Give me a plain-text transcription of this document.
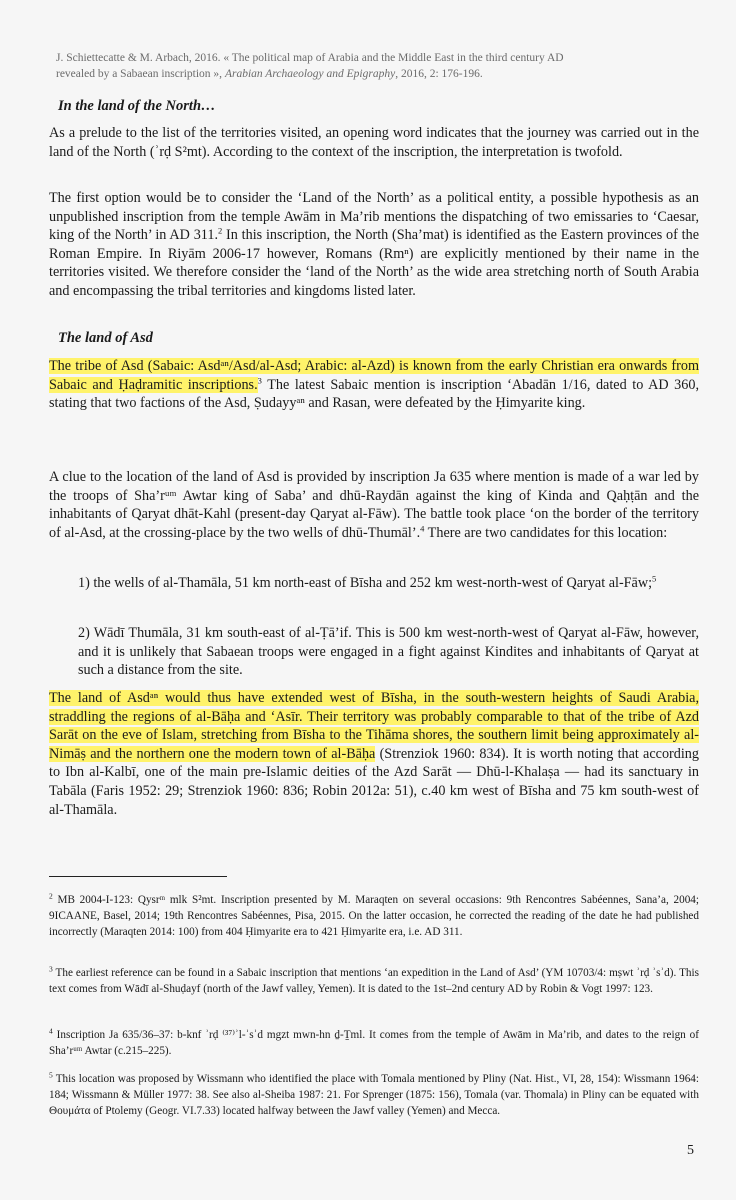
J. Schiettecatte & M. Arbach, 2016. « The political map of Arabia and the Middle East in the third century AD
revealed by a Sabaean inscription », Arabian Archaeology and Epigraphy, 2016, 2: 176-196.
In the land of the North…

As a prelude to the list of the territories visited, an opening word indicates that the journey was carried out in the land of the North (ʾrḍ S²mt). According to the context of the inscription, the interpretation is twofold.

The first option would be to consider the ‘Land of the North’ as a political entity, a possible hypothesis as an unpublished inscription from the temple Awām in Ma’rib mentions the dispatching of two emissaries to ‘Caesar, king of the North’ in AD 311.$^2$ In this inscription, the North (Sha’mat) is identified as the Eastern provinces of the Roman Empire. In Riyām 2006-17 however, Romans (Rmⁿ) are explicitly mentioned by their name in the territories visited. We therefore consider the ‘land of the North’ as the wide area stretching north of South Arabia and encompassing the tribal territories and kingdoms listed later.

The land of Asd

The tribe of Asd (Sabaic: Asdᵃⁿ/Asd/al-Asd; Arabic: al-Azd) is known from the early Christian era onwards from Sabaic and Ḥaḍramitic inscriptions.$^3$ The latest Sabaic mention is inscription ‘Abadān 1/16, dated to AD 360, stating that two factions of the Asd, Ṣudayyᵃⁿ and Rasan, were defeated by the Ḥimyarite king.

A clue to the location of the land of Asd is provided by inscription Ja 635 where mention is made of a war led by the troops of Sha’rᵘᵐ Awtar king of Saba’ and dhū-Raydān against the king of Kinda and Qaḥṭān and the inhabitants of Qaryat dhāt-Kahl (present-day Qaryat al-Fāw). The battle took place ‘on the border of the territory of al-Asd, at the crossing-place by the two wells of dhū-Thumāl’.$^4$ There are two candidates for this location:

1) the wells of al-Thamāla, 51 km north-east of Bīsha and 252 km west-north-west of Qaryat al-Fāw;$^5$

2) Wādī Thumāla, 31 km south-east of al-Ṭā’if. This is 500 km west-north-west of Qaryat al-Fāw, however, and it is unlikely that Sabaean troops were engaged in a fight against Kindites and inhabitants of Qaryat at such a distance from the site.

The land of Asdᵃⁿ would thus have extended west of Bīsha, in the south-western heights of Saudi Arabia, straddling the regions of al-Bāḥa and ‘Asīr. Their territory was probably comparable to that of the tribe of Azd Sarāt on the eve of Islam, stretching from Bīsha to the Tihāma shores, the southern limit being approximately al-Nimāṣ and the northern one the modern town of al-Bāḥa (Strenziok 1960: 834). It is worth noting that according to Ibn al-Kalbī, one of the main pre-Islamic deities of the Azd Sarāt — Dhū-l-Khalaṣa — had its sanctuary in Tabāla (Faris 1952: 29; Strenziok 1960: 836; Robin 2012a: 51), c.40 km west of Bīsha and 75 km south-west of al-Thamāla.

$^2$ MB 2004-I-123: Qysrᵐ mlk S²mt. Inscription presented by M. Maraqten on several occasions: 9th Rencontres Sabéennes, Sana’a, 2004; 9ICAANE, Basel, 2014; 19th Rencontres Sabéennes, Pisa, 2015. On the latter occasion, he corrected the reading of the date he had published incorrectly (Maraqten 2014: 100) from 404 Ḥimyarite era to 421 Ḥimyarite era, i.e. AD 311.

$^3$ The earliest reference can be found in a Sabaic inscription that mentions ‘an expedition in the Land of Asd’ (YM 10703/4: mṣwt ʾrḍ ʾsʾd). This text comes from Wādī al-Shuḍayf (north of the Jawf valley, Yemen). It is dated to the 1st–2nd century AD by Robin & Vogt 1997: 123.

$^4$ Inscription Ja 635/36–37: b-knf ʾrḍ ⁽³⁷⁾ʾl-ʾsʾd mgzt mwn-hn ḏ-Ṯml. It comes from the temple of Awām in Ma’rib, and dates to the reign of Sha’rᵘᵐ Awtar (c.215–225).

$^5$ This location was proposed by Wissmann who identified the place with Tomala mentioned by Pliny (Nat. Hist., VI, 28, 154): Wissmann 1964: 184; Wissmann & Müller 1977: 38. See also al-Sheiba 1987: 21. For Sprenger (1875: 156), Tomala (var. Thomala) in Pliny can be equated with Θουμάτα of Ptolemy (Geogr. VI.7.33) located halfway between the Jawf valley (Yemen) and Mecca.

5
